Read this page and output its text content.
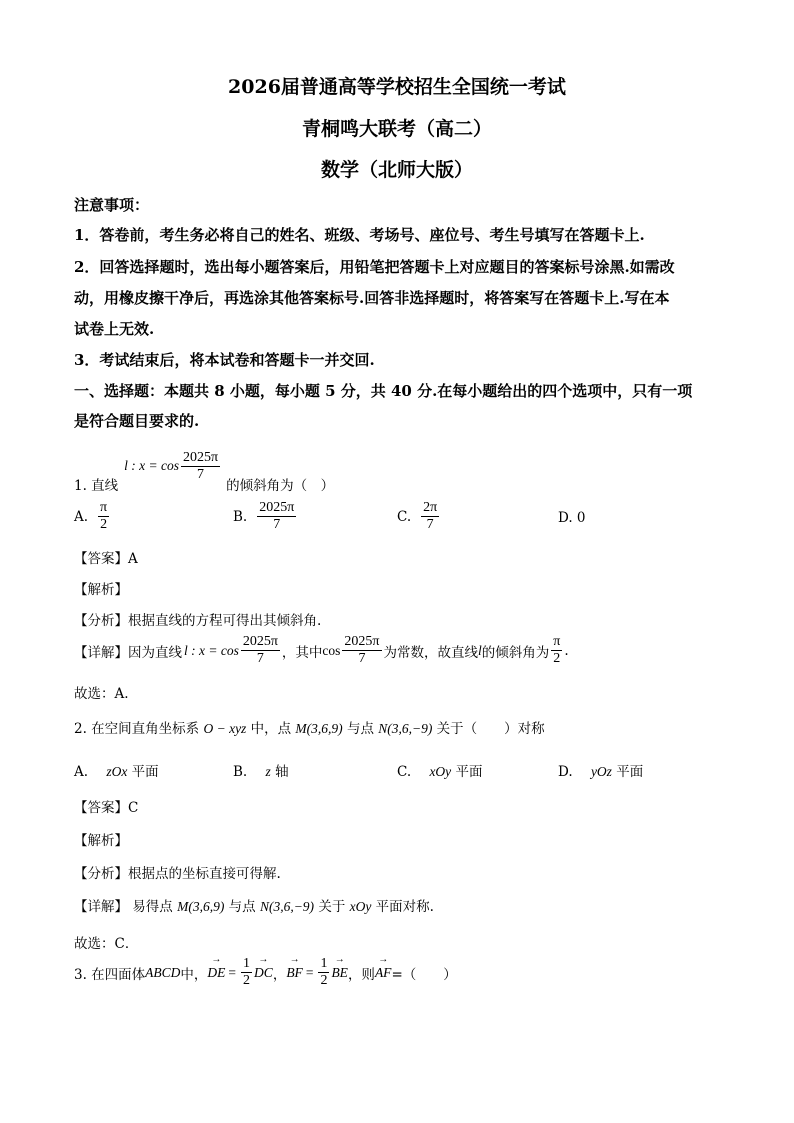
2026届普通高等学校招生全国统一考试
青桐鸣大联考（高二）
数学（北师大版）
注意事项：
1．答卷前，考生务必将自己的姓名、班级、考场号、座位号、考生号填写在答题卡上.
2．回答选择题时，选出每小题答案后，用铅笔把答题卡上对应题目的答案标号涂黑.如需改
动，用橡皮擦干净后，再选涂其他答案标号.回答非选择题时，将答案写在答题卡上.写在本
试卷上无效.
3．考试结束后，将本试卷和答题卡一并交回.
一、选择题：本题共 8 小题，每小题 5 分，共 40 分.在每小题给出的四个选项中，只有一项
是符合题目要求的.
1. 直线
l : $x = \cos \frac{2025\pi}{7}$
的倾斜角为（　）
A. $\frac{\pi}{2}$	B. $\frac{2025\pi}{7}$	C. $\frac{2\pi}{7}$	D. 0
【答案】A
【解析】
【分析】根据直线的方程可得出其倾斜角.
【详解】 因为直线 l : $x = \cos \frac{2025\pi}{7}$ ，其中 $\cos \frac{2025\pi}{7}$ 为常数，故直线 l 的倾斜角为 $\frac{\pi}{2}$ .
故选：A.
2. 在空间直角坐标系 O − xyz 中，点 M(3,6,9) 与点 N(3,6,−9) 关于（　　）对称
A. zOx 平面	B. z 轴	C. xOy 平面	D. yOz 平面
【答案】C
【解析】
【分析】根据点的坐标直接可得解.
【详解】 易得点 M(3,6,9) 与点 N(3,6,−9) 关于 xOy 平面对称.
故选：C．
3. 在四面体 ABCD 中， → DE = $\frac{1}{2}$ → DC ， → BF = $\frac{1}{2}$ → BE ，则 → AF =（　　）
